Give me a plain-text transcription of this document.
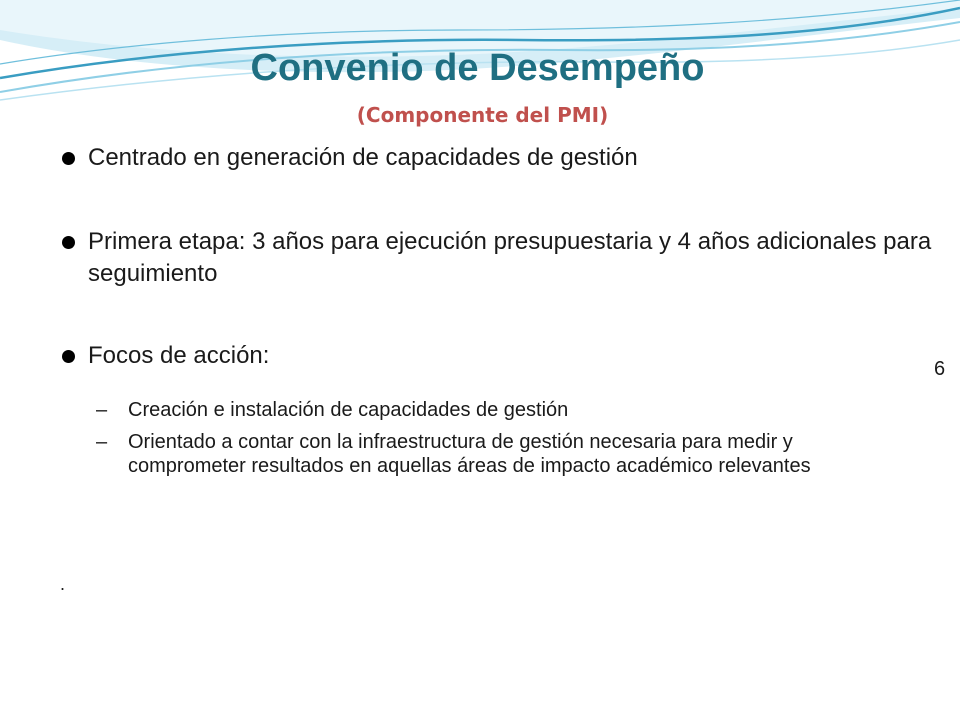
Convenio de Desempeño
(Componente del PMI)
Centrado en generación de capacidades de gestión
Primera etapa: 3 años para ejecución presupuestaria y 4 años adicionales para seguimiento
Focos de acción:
– Creación e instalación de capacidades de gestión
– Orientado a contar con la infraestructura de gestión necesaria para medir y comprometer resultados en aquellas áreas de impacto académico relevantes
6
.
